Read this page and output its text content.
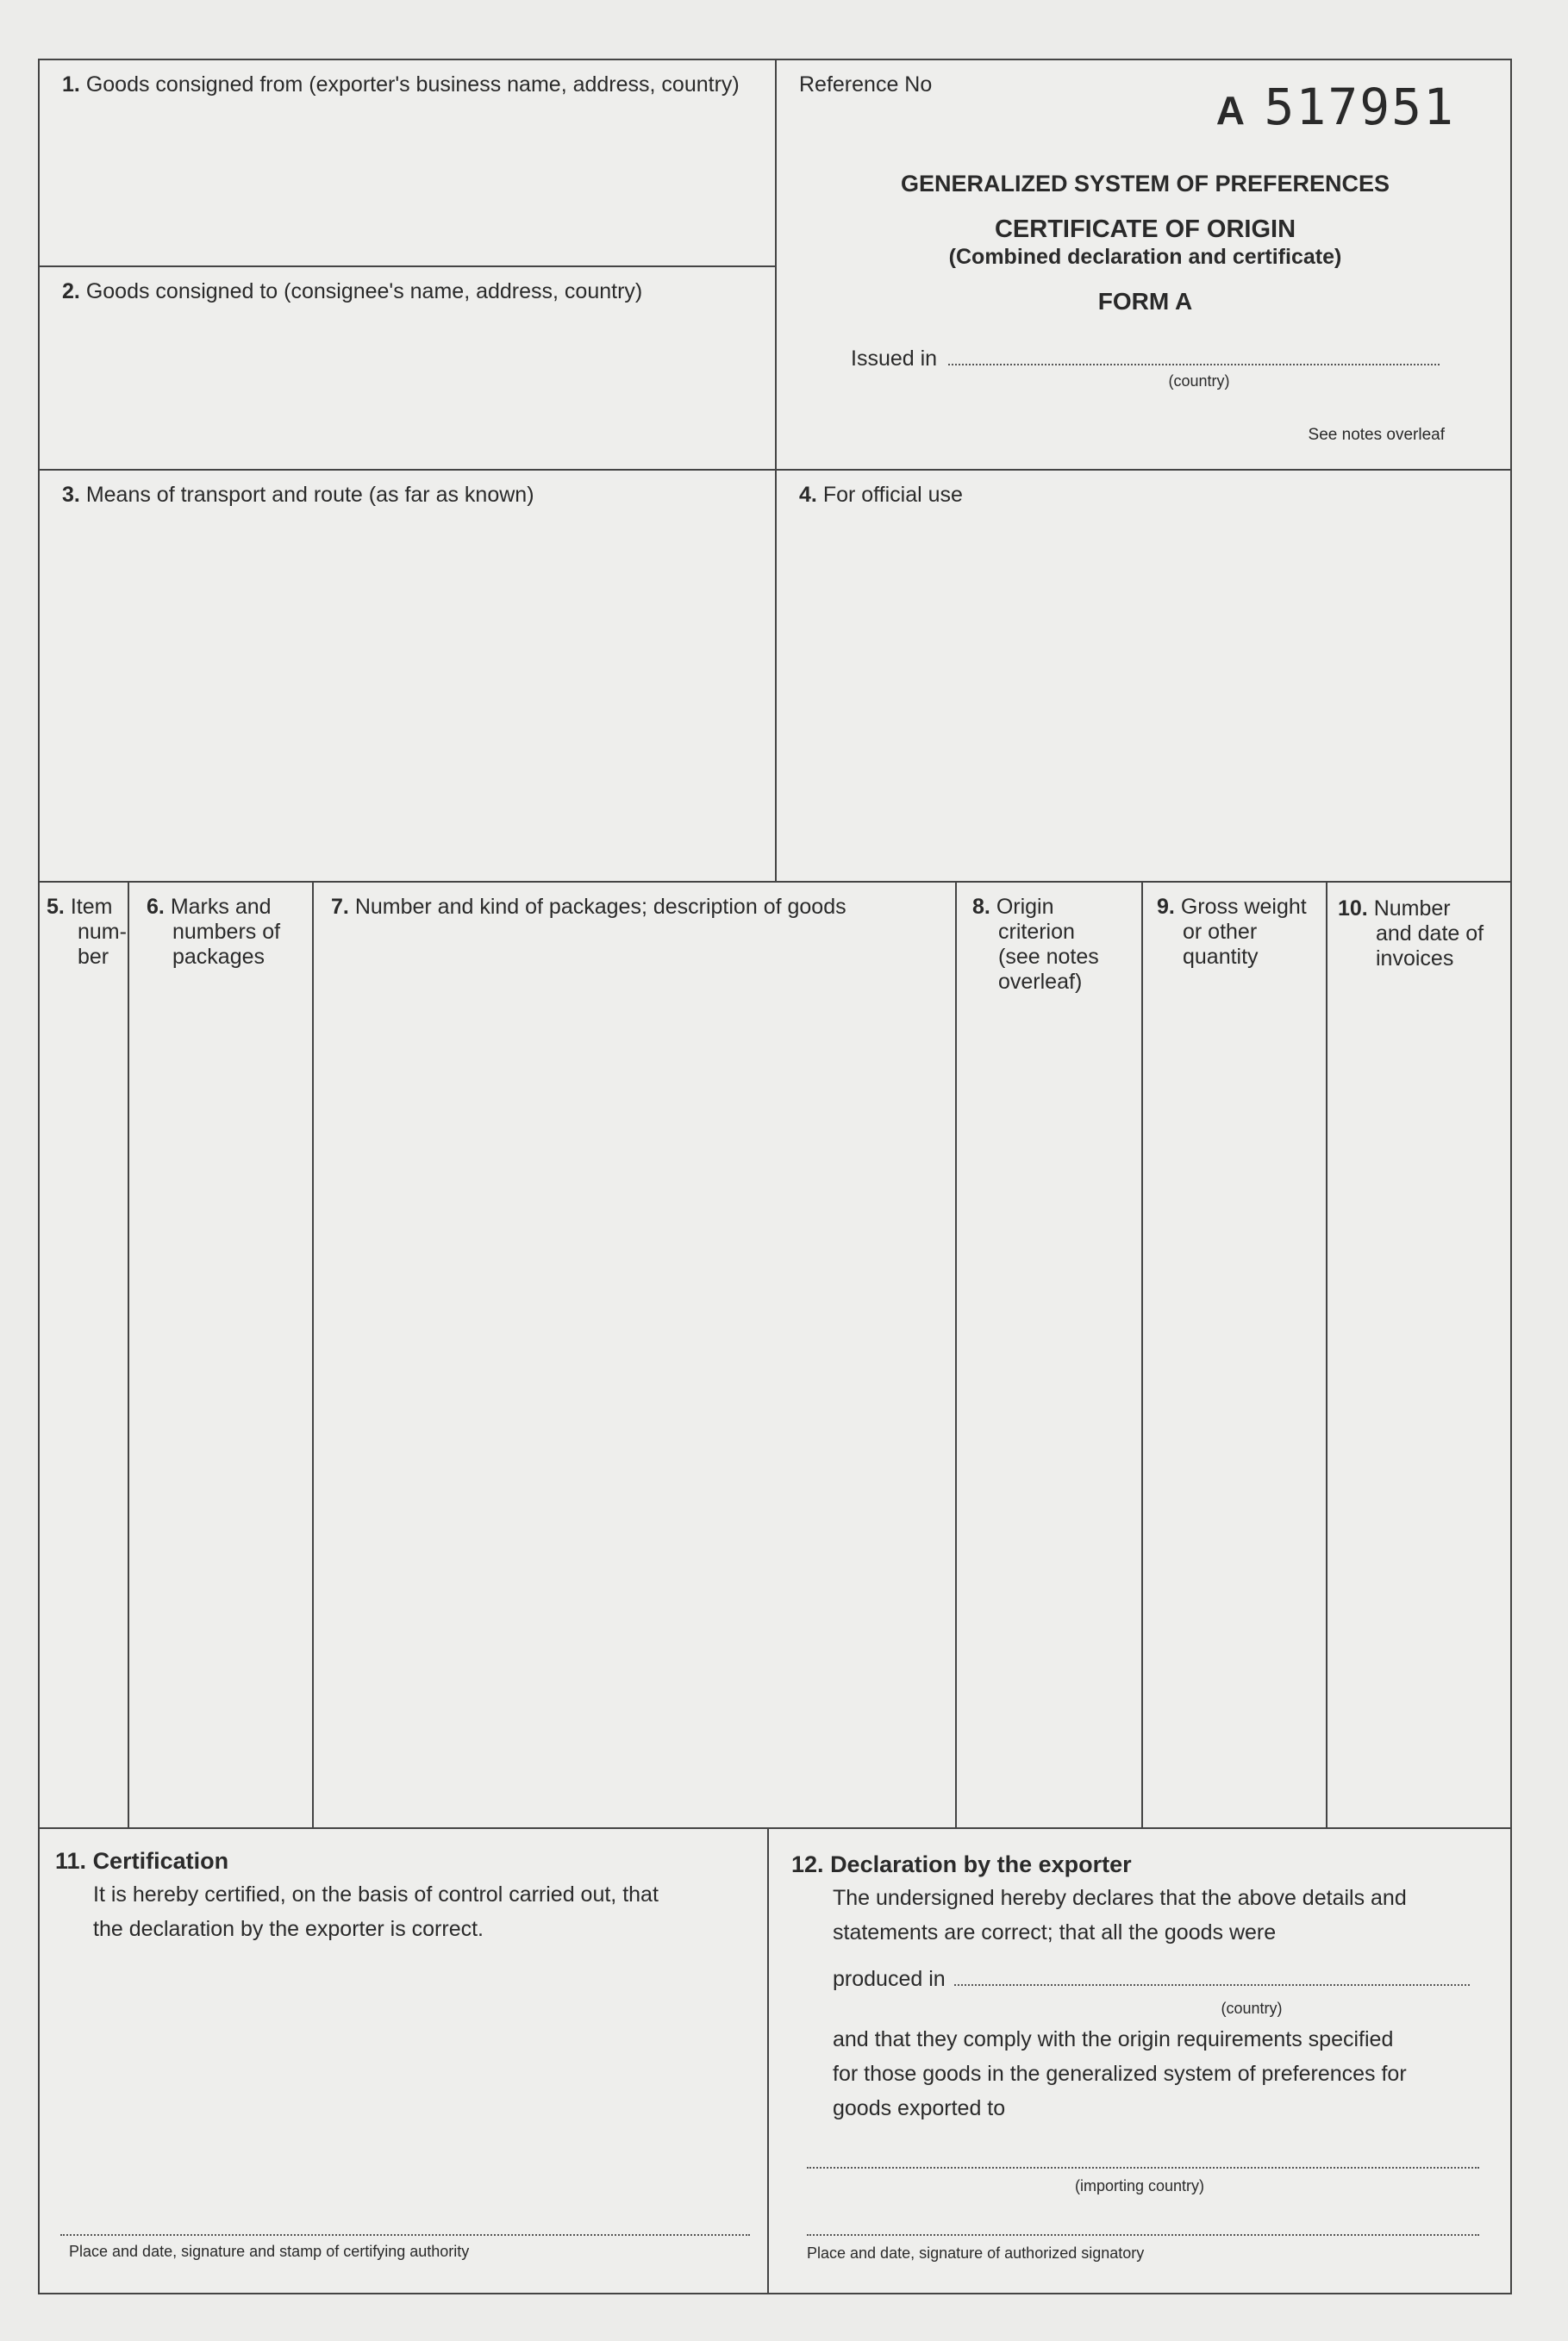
1. Goods consigned from (exporter's business name, address, country)
2. Goods consigned to (consignee's name, address, country)
Reference No
A 517951
GENERALIZED SYSTEM OF PREFERENCES
CERTIFICATE OF ORIGIN
(Combined declaration and certificate)
FORM A
Issued in
(country)
See notes overleaf
3. Means of transport and route (as far as known)	4. For official use
5. Item
num-
ber
6. Marks and
numbers of
packages
7. Number and kind of packages; description of goods	8. Origin
criterion
(see notes
overleaf)
9. Gross weight
or other
quantity
10. Number
and date of
invoices
11. Certification
It is hereby certified, on the basis of control carried out, that
the declaration by the exporter is correct.
Place and date, signature and stamp of certifying authority
12. Declaration by the exporter
The undersigned hereby declares that the above details and
statements are correct; that all the goods were
produced in
(country)
and that they comply with the origin requirements specified
for those goods in the generalized system of preferences for
goods exported to
(importing country)
Place and date, signature of authorized signatory
